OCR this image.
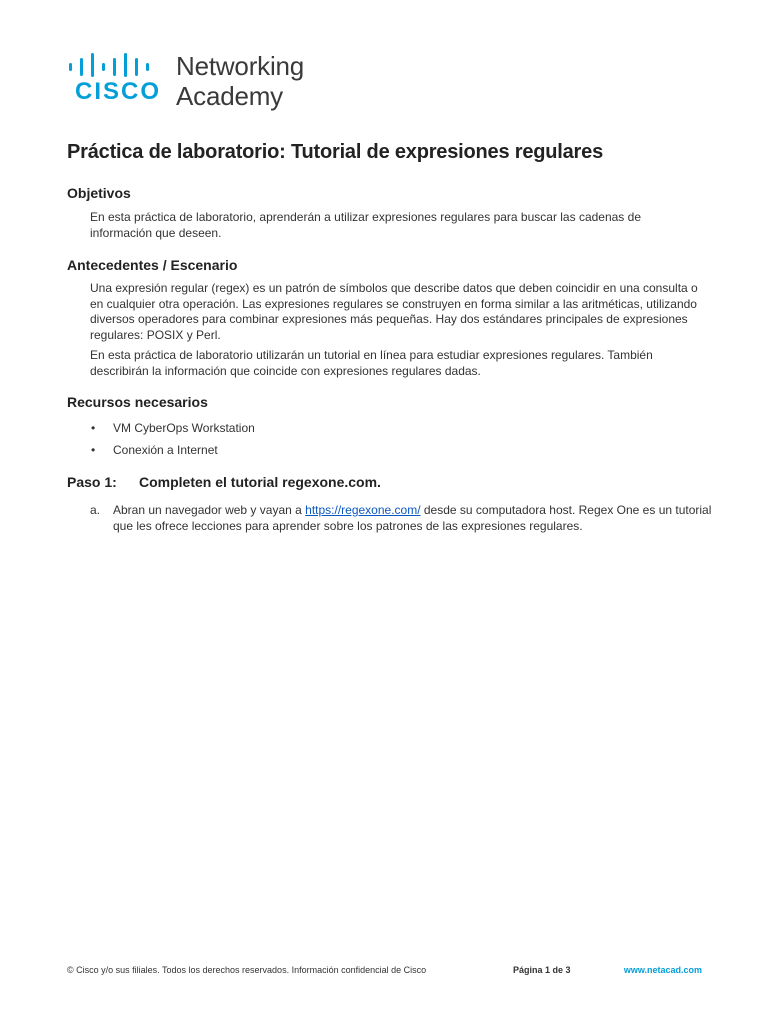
CISCO
Networking
Academy
Práctica de laboratorio: Tutorial de expresiones regulares
Objetivos

En esta práctica de laboratorio, aprenderán a utilizar expresiones regulares para buscar las cadenas de información que deseen.

Antecedentes / Escenario

Una expresión regular (regex) es un patrón de símbolos que describe datos que deben coincidir en una consulta o en cualquier otra operación. Las expresiones regulares se construyen en forma similar a las aritméticas, utilizando diversos operadores para combinar expresiones más pequeñas. Hay dos estándares principales de expresiones regulares: POSIX y Perl.

En esta práctica de laboratorio utilizarán un tutorial en línea para estudiar expresiones regulares. También describirán la información que coincide con expresiones regulares dadas.

Recursos necesarios
• VM CyberOps Workstation
• Conexión a Internet
Paso 1: Completen el tutorial regexone.com.
a. Abran un navegador web y vayan a https://regexone.com/ desde su computadora host. Regex One es un tutorial que les ofrece lecciones para aprender sobre los patrones de las expresiones regulares.
© Cisco y/o sus filiales. Todos los derechos reservados. Información confidencial de Cisco	Página 1 de 3	www.netacad.com
